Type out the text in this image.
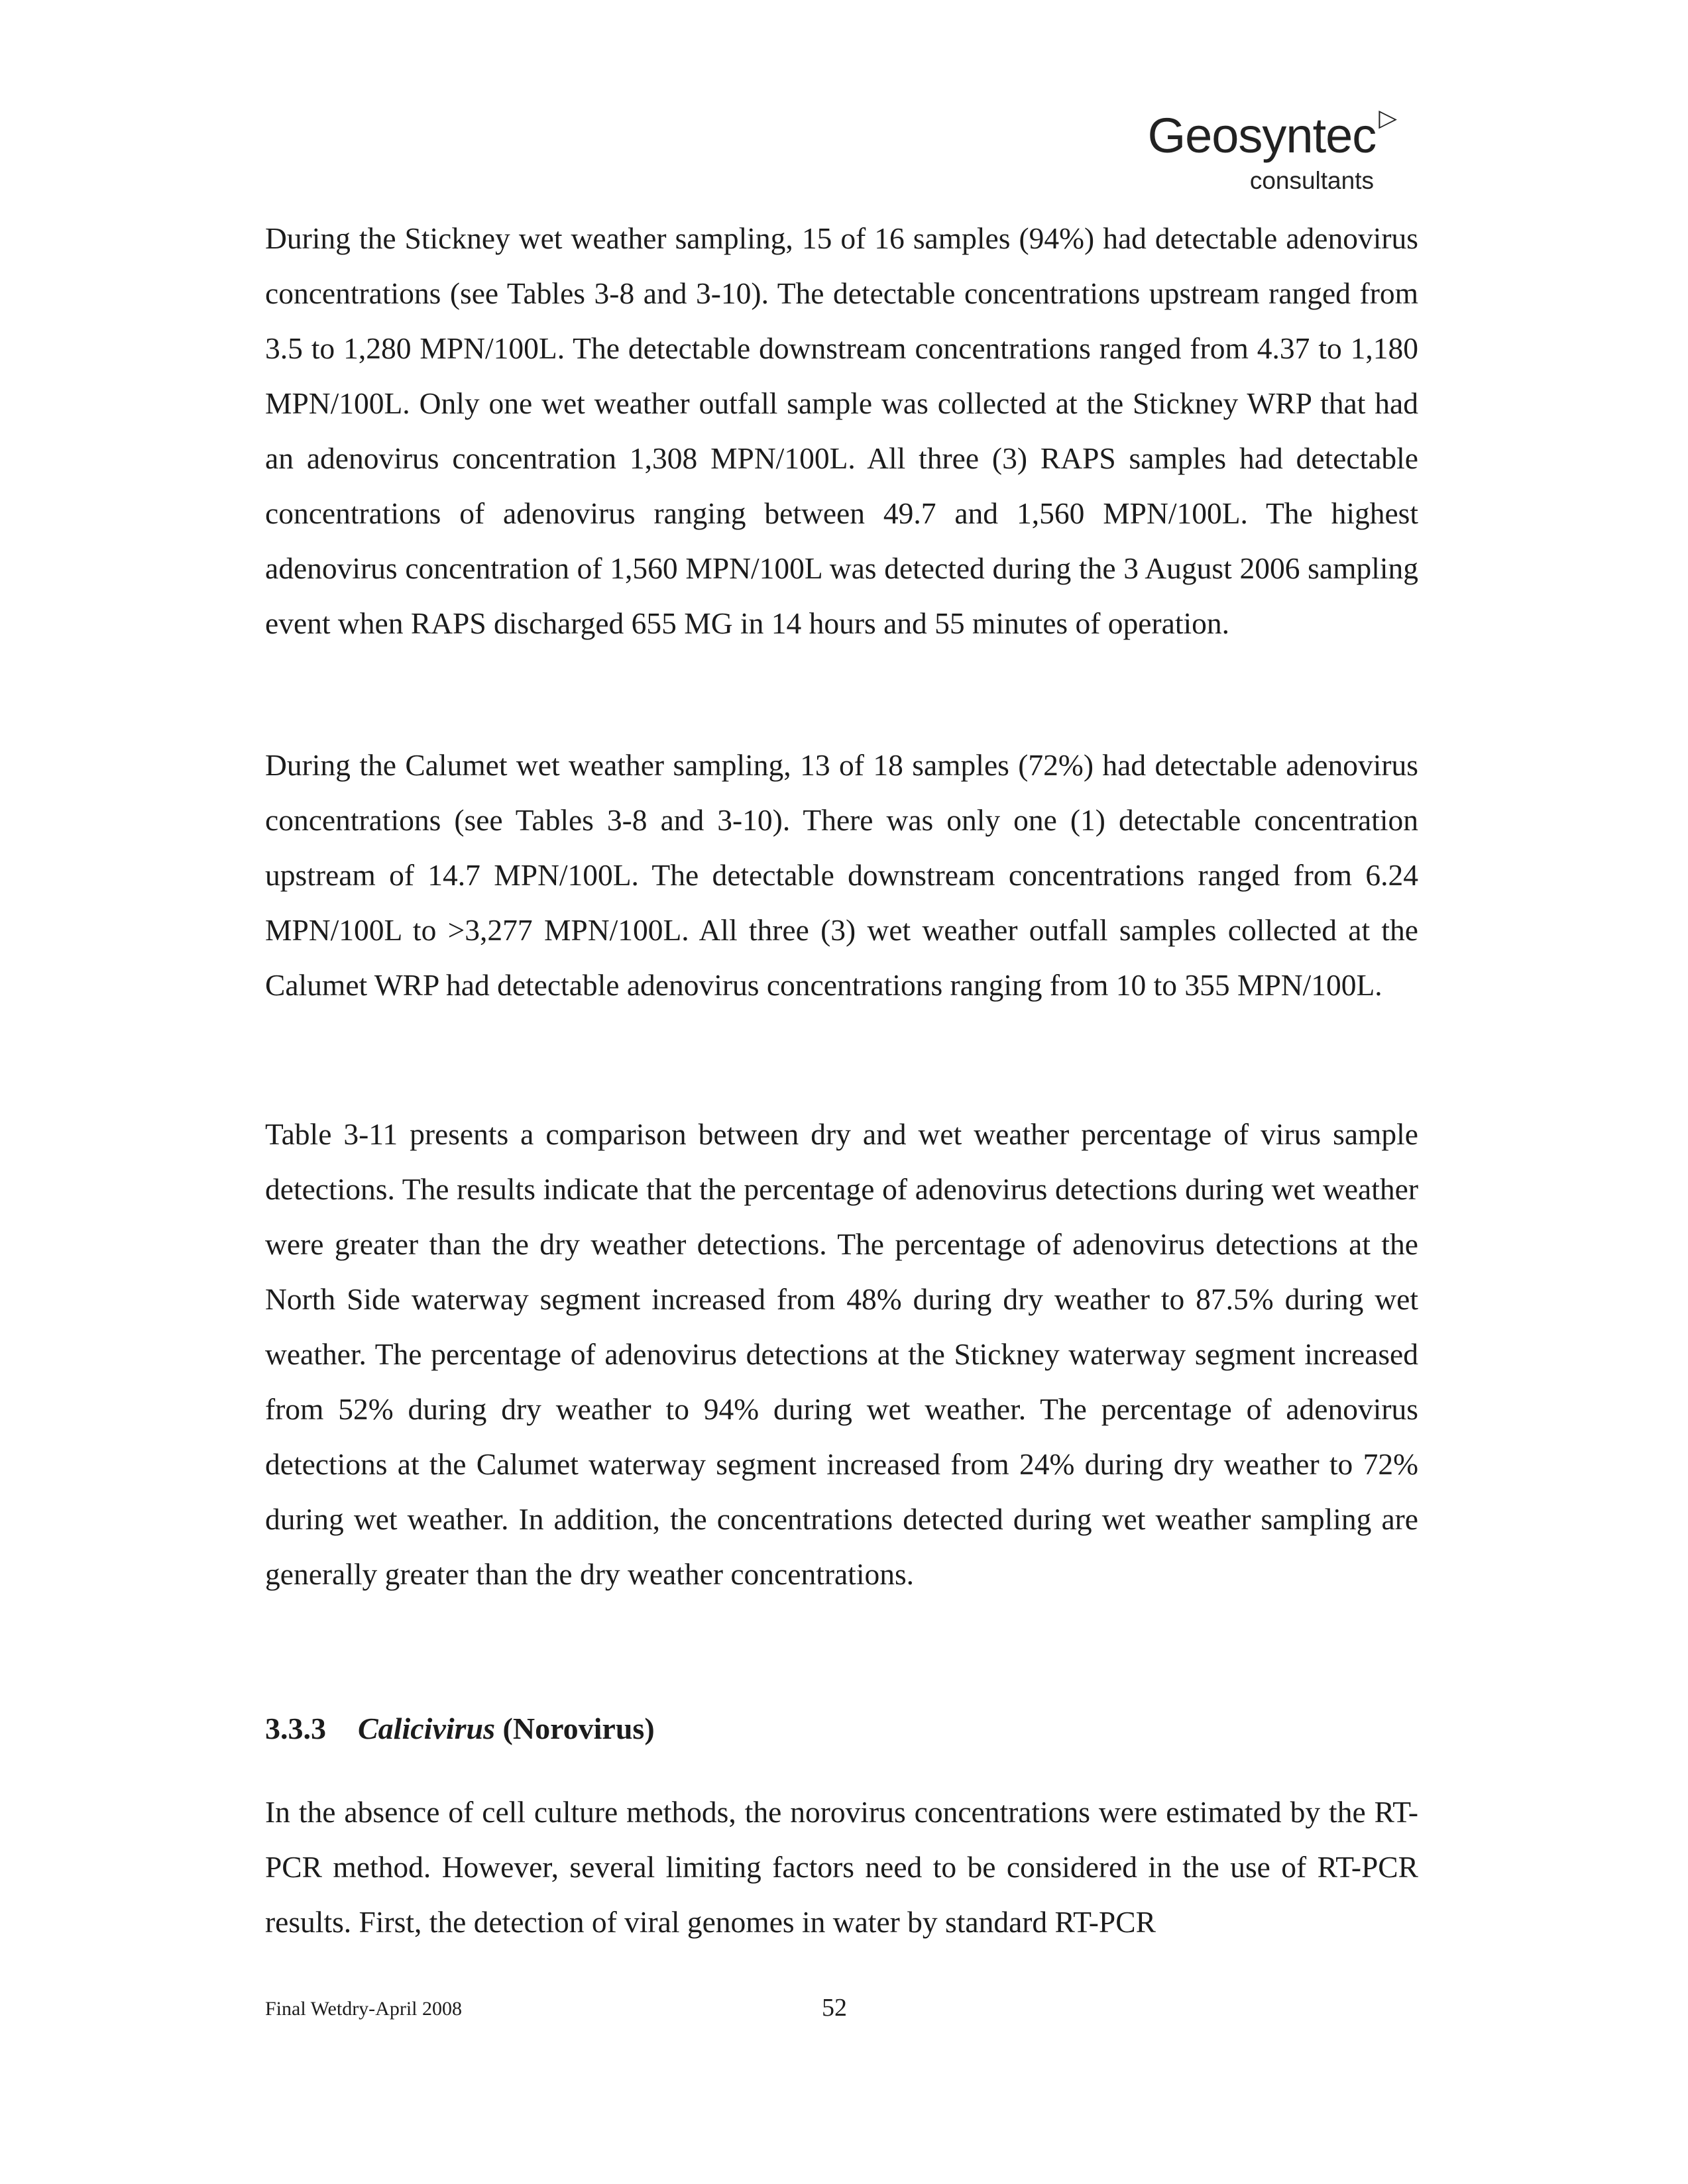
Geosyntec ▷
consultants

During the Stickney wet weather sampling, 15 of 16 samples (94%) had detectable adenovirus concentrations (see Tables 3-8 and 3-10). The detectable concentrations upstream ranged from 3.5 to 1,280 MPN/100L. The detectable downstream concentrations ranged from 4.37 to 1,180 MPN/100L. Only one wet weather outfall sample was collected at the Stickney WRP that had an adenovirus concentration 1,308 MPN/100L. All three (3) RAPS samples had detectable concentrations of adenovirus ranging between 49.7 and 1,560 MPN/100L. The highest adenovirus concentration of 1,560 MPN/100L was detected during the 3 August 2006 sampling event when RAPS discharged 655 MG in 14 hours and 55 minutes of operation.

During the Calumet wet weather sampling, 13 of 18 samples (72%) had detectable adenovirus concentrations (see Tables 3-8 and 3-10). There was only one (1) detectable concentration upstream of 14.7 MPN/100L. The detectable downstream concentrations ranged from 6.24 MPN/100L to >3,277 MPN/100L. All three (3) wet weather outfall samples collected at the Calumet WRP had detectable adenovirus concentrations ranging from 10 to 355 MPN/100L.

Table 3-11 presents a comparison between dry and wet weather percentage of virus sample detections. The results indicate that the percentage of adenovirus detections during wet weather were greater than the dry weather detections. The percentage of adenovirus detections at the North Side waterway segment increased from 48% during dry weather to 87.5% during wet weather. The percentage of adenovirus detections at the Stickney waterway segment increased from 52% during dry weather to 94% during wet weather. The percentage of adenovirus detections at the Calumet waterway segment increased from 24% during dry weather to 72% during wet weather. In addition, the concentrations detected during wet weather sampling are generally greater than the dry weather concentrations.

3.3.3 Calicivirus (Norovirus)

In the absence of cell culture methods, the norovirus concentrations were estimated by the RT-PCR method. However, several limiting factors need to be considered in the use of RT-PCR results. First, the detection of viral genomes in water by standard RT-PCR

Final Wetdry-April 2008	52
